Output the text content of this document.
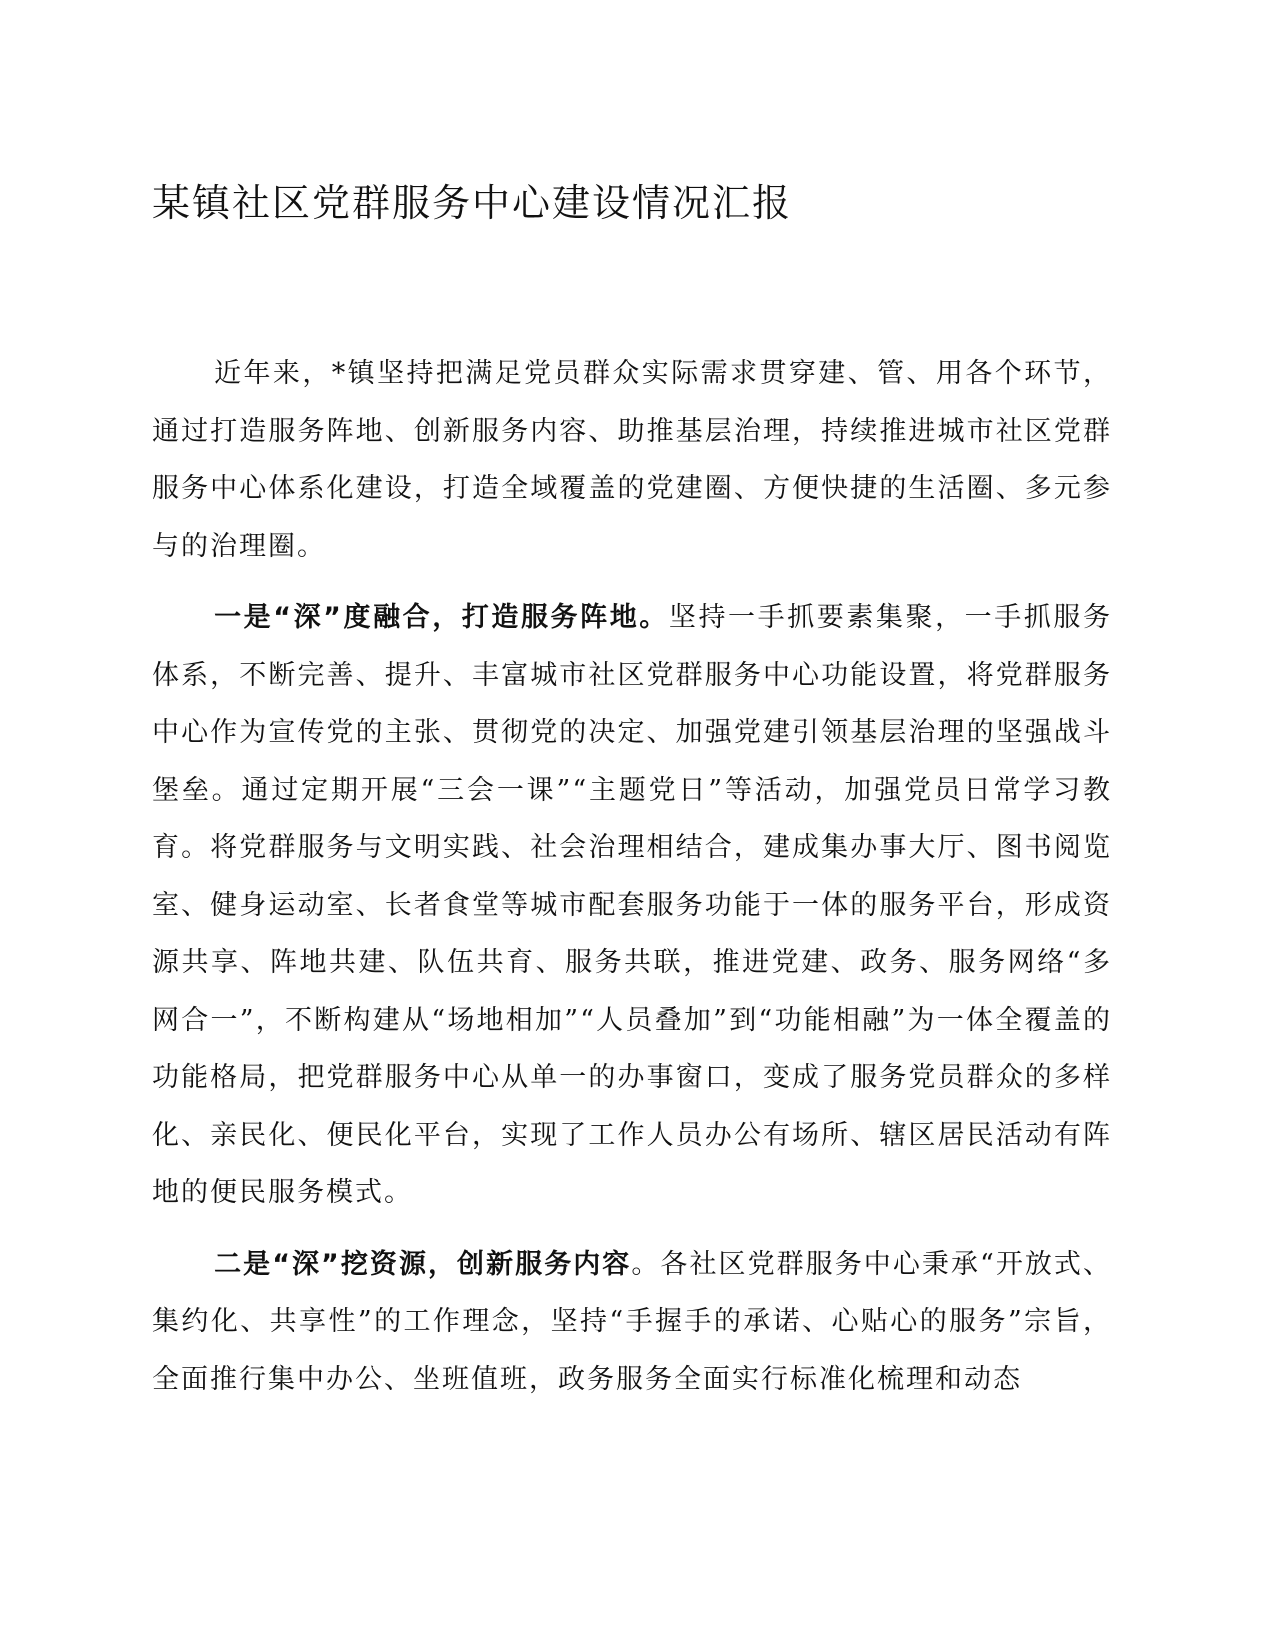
某镇社区党群服务中心建设情况汇报

近年来，*镇坚持把满足党员群众实际需求贯穿建、管、用各个环节，通过打造服务阵地、创新服务内容、助推基层治理，持续推进城市社区党群服务中心体系化建设，打造全域覆盖的党建圈、方便快捷的生活圈、多元参与的治理圈。

一是“深”度融合，打造服务阵地。坚持一手抓要素集聚，一手抓服务体系，不断完善、提升、丰富城市社区党群服务中心功能设置，将党群服务中心作为宣传党的主张、贯彻党的决定、加强党建引领基层治理的坚强战斗堡垒。通过定期开展“三会一课”“主题党日”等活动，加强党员日常学习教育。将党群服务与文明实践、社会治理相结合，建成集办事大厅、图书阅览室、健身运动室、长者食堂等城市配套服务功能于一体的服务平台，形成资源共享、阵地共建、队伍共育、服务共联，推进党建、政务、服务网络“多网合一”，不断构建从“场地相加”“人员叠加”到“功能相融”为一体全覆盖的功能格局，把党群服务中心从单一的办事窗口，变成了服务党员群众的多样化、亲民化、便民化平台，实现了工作人员办公有场所、辖区居民活动有阵地的便民服务模式。

二是“深”挖资源，创新服务内容。各社区党群服务中心秉承“开放式、集约化、共享性”的工作理念，坚持“手握手的承诺、心贴心的服务”宗旨，全面推行集中办公、坐班值班，政务服务全面实行标准化梳理和动态
